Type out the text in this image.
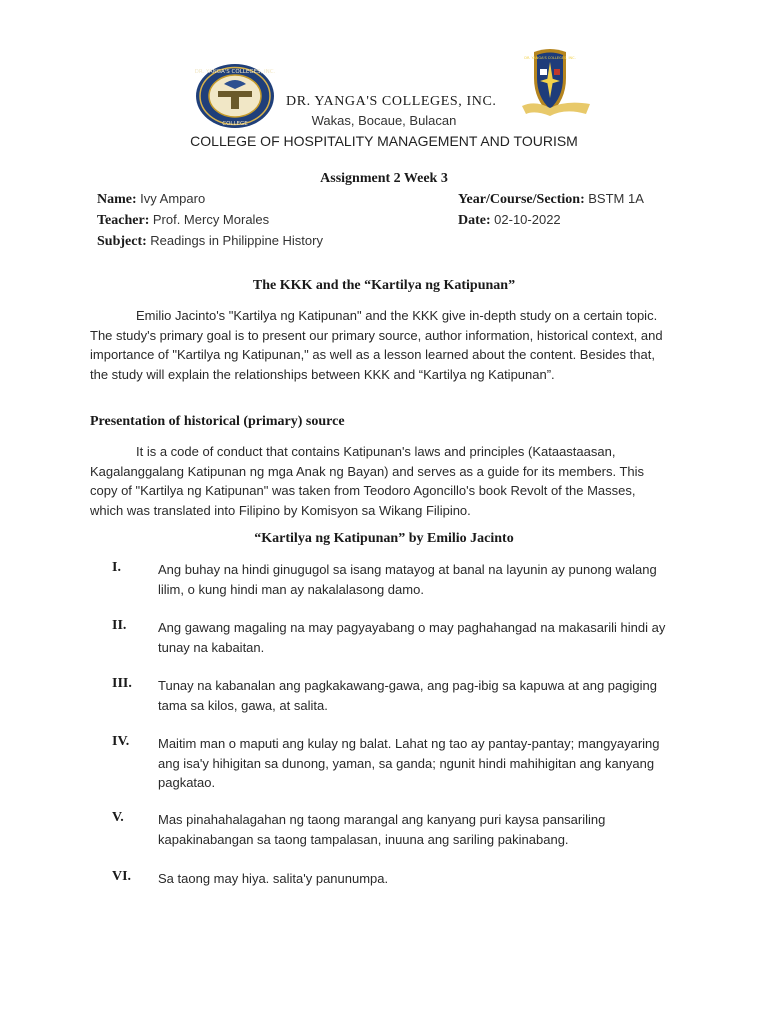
DR. YANGA'S COLLEGES, INC.
COLLEGE
DR. YANGA'S COLLEGES, INC.
DR. YANGA'S COLLEGES, INC.
Wakas, Bocaue, Bulacan
COLLEGE OF HOSPITALITY MANAGEMENT AND TOURISM
Assignment 2 Week 3
Name: Ivy Amparo
Teacher: Prof. Mercy Morales
Subject: Readings in Philippine History
Year/Course/Section: BSTM 1A
Date: 02-10-2022
The KKK and the “Kartilya ng Katipunan”

Emilio Jacinto's "Kartilya ng Katipunan" and the KKK give in-depth study on a certain topic. The study's primary goal is to present our primary source, author information, historical context, and importance of "Kartilya ng Katipunan," as well as a lesson learned about the content. Besides that, the study will explain the relationships between KKK and “Kartilya ng Katipunan”.

Presentation of historical (primary) source

It is a code of conduct that contains Katipunan's laws and principles (Kataastaasan, Kagalanggalang Katipunan ng mga Anak ng Bayan) and serves as a guide for its members. This copy of "Kartilya ng Katipunan" was taken from Teodoro Agoncillo's book Revolt of the Masses, which was translated into Filipino by Komisyon sa Wikang Filipino.

“Kartilya ng Katipunan” by Emilio Jacinto
I.	Ang buhay na hindi ginugugol sa isang matayog at banal na layunin ay punong walang lilim, o kung hindi man ay nakalalasong damo.

II. Ang gawang magaling na may pagyayabang o may paghahangad na makasarili hindi ay tunay na kabaitan.

III. Tunay na kabanalan ang pagkakawang-gawa, ang pag-ibig sa kapuwa at ang pagiging tama sa kilos, gawa, at salita.

IV. Maitim man o maputi ang kulay ng balat. Lahat ng tao ay pantay-pantay; mangyayaring ang isa'y hihigitan sa dunong, yaman, sa ganda; ngunit hindi mahihigitan ang kanyang pagkatao.

V.	Mas pinahahalagahan ng taong marangal ang kanyang puri kaysa pansariling kapakinabangan sa taong tampalasan, inuuna ang sariling pakinabang.

VI. Sa taong may hiya. salita'y panunumpa.
